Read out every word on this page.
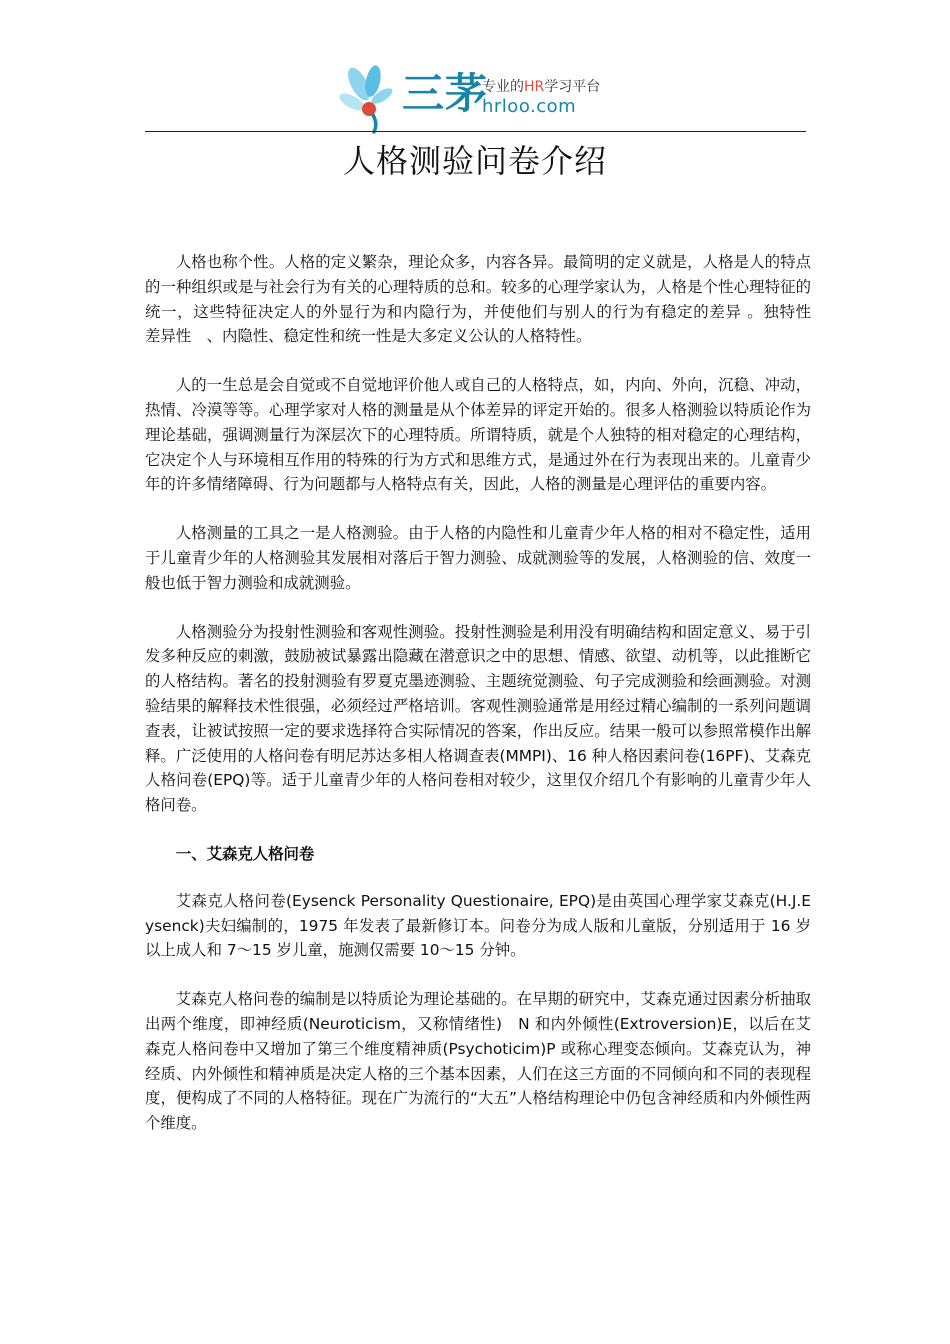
三茅
专业的HR学习平台
hrloo.com
人格测验问卷介绍

人格也称个性。人格的定义繁杂，理论众多，内容各异。最简明的定义就是，人格是人的特点的一种组织或是与社会行为有关的心理特质的总和。较多的心理学家认为，人格是个性心理特征的统一，这些特征决定人的外显行为和内隐行为，并使他们与别人的行为有稳定的差异 。独特性　差异性　、内隐性、稳定性和统一性是大多定义公认的人格特性。

人的一生总是会自觉或不自觉地评价他人或自己的人格特点，如，内向、外向，沉稳、冲动，热情、冷漠等等。心理学家对人格的测量是从个体差异的评定开始的。很多人格测验以特质论作为理论基础，强调测量行为深层次下的心理特质。所谓特质，就是个人独特的相对稳定的心理结构，它决定个人与环境相互作用的特殊的行为方式和思维方式，是通过外在行为表现出来的。儿童青少年的许多情绪障碍、行为问题都与人格特点有关，因此，人格的测量是心理评估的重要内容。

人格测量的工具之一是人格测验。由于人格的内隐性和儿童青少年人格的相对不稳定性，适用于儿童青少年的人格测验其发展相对落后于智力测验、成就测验等的发展，人格测验的信、效度一般也低于智力测验和成就测验。

人格测验分为投射性测验和客观性测验。投射性测验是利用没有明确结构和固定意义、易于引发多种反应的刺激，鼓励被试暴露出隐藏在潜意识之中的思想、情感、欲望、动机等，以此推断它的人格结构。著名的投射测验有罗夏克墨迹测验、主题统觉测验、句子完成测验和绘画测验。对测验结果的解释技术性很强，必须经过严格培训。客观性测验通常是用经过精心编制的一系列问题调查表，让被试按照一定的要求选择符合实际情况的答案，作出反应。结果一般可以参照常模作出解释。广泛使用的人格问卷有明尼苏达多相人格调查表(MMPI)、16 种人格因素问卷(16PF)、艾森克人格问卷(EPQ)等。适于儿童青少年的人格问卷相对较少，这里仅介绍几个有影响的儿童青少年人格问卷。

一、艾森克人格问卷

艾森克人格问卷(Eysenck Personality Questionaire, EPQ)是由英国心理学家艾森克(H.J.Eysenck)夫妇编制的，1975 年发表了最新修订本。问卷分为成人版和儿童版，分别适用于 16 岁以上成人和 7～15 岁儿童，施测仅需要 10～15 分钟。

艾森克人格问卷的编制是以特质论为理论基础的。在早期的研究中，艾森克通过因素分析抽取出两个维度，即神经质(Neuroticism，又称情绪性)　N 和内外倾性(Extroversion)E，以后在艾森克人格问卷中又增加了第三个维度精神质(Psychoticim)P 或称心理变态倾向。艾森克认为，神经质、内外倾性和精神质是决定人格的三个基本因素，人们在这三方面的不同倾向和不同的表现程度，便构成了不同的人格特征。现在广为流行的“大五”人格结构理论中仍包含神经质和内外倾性两个维度。
